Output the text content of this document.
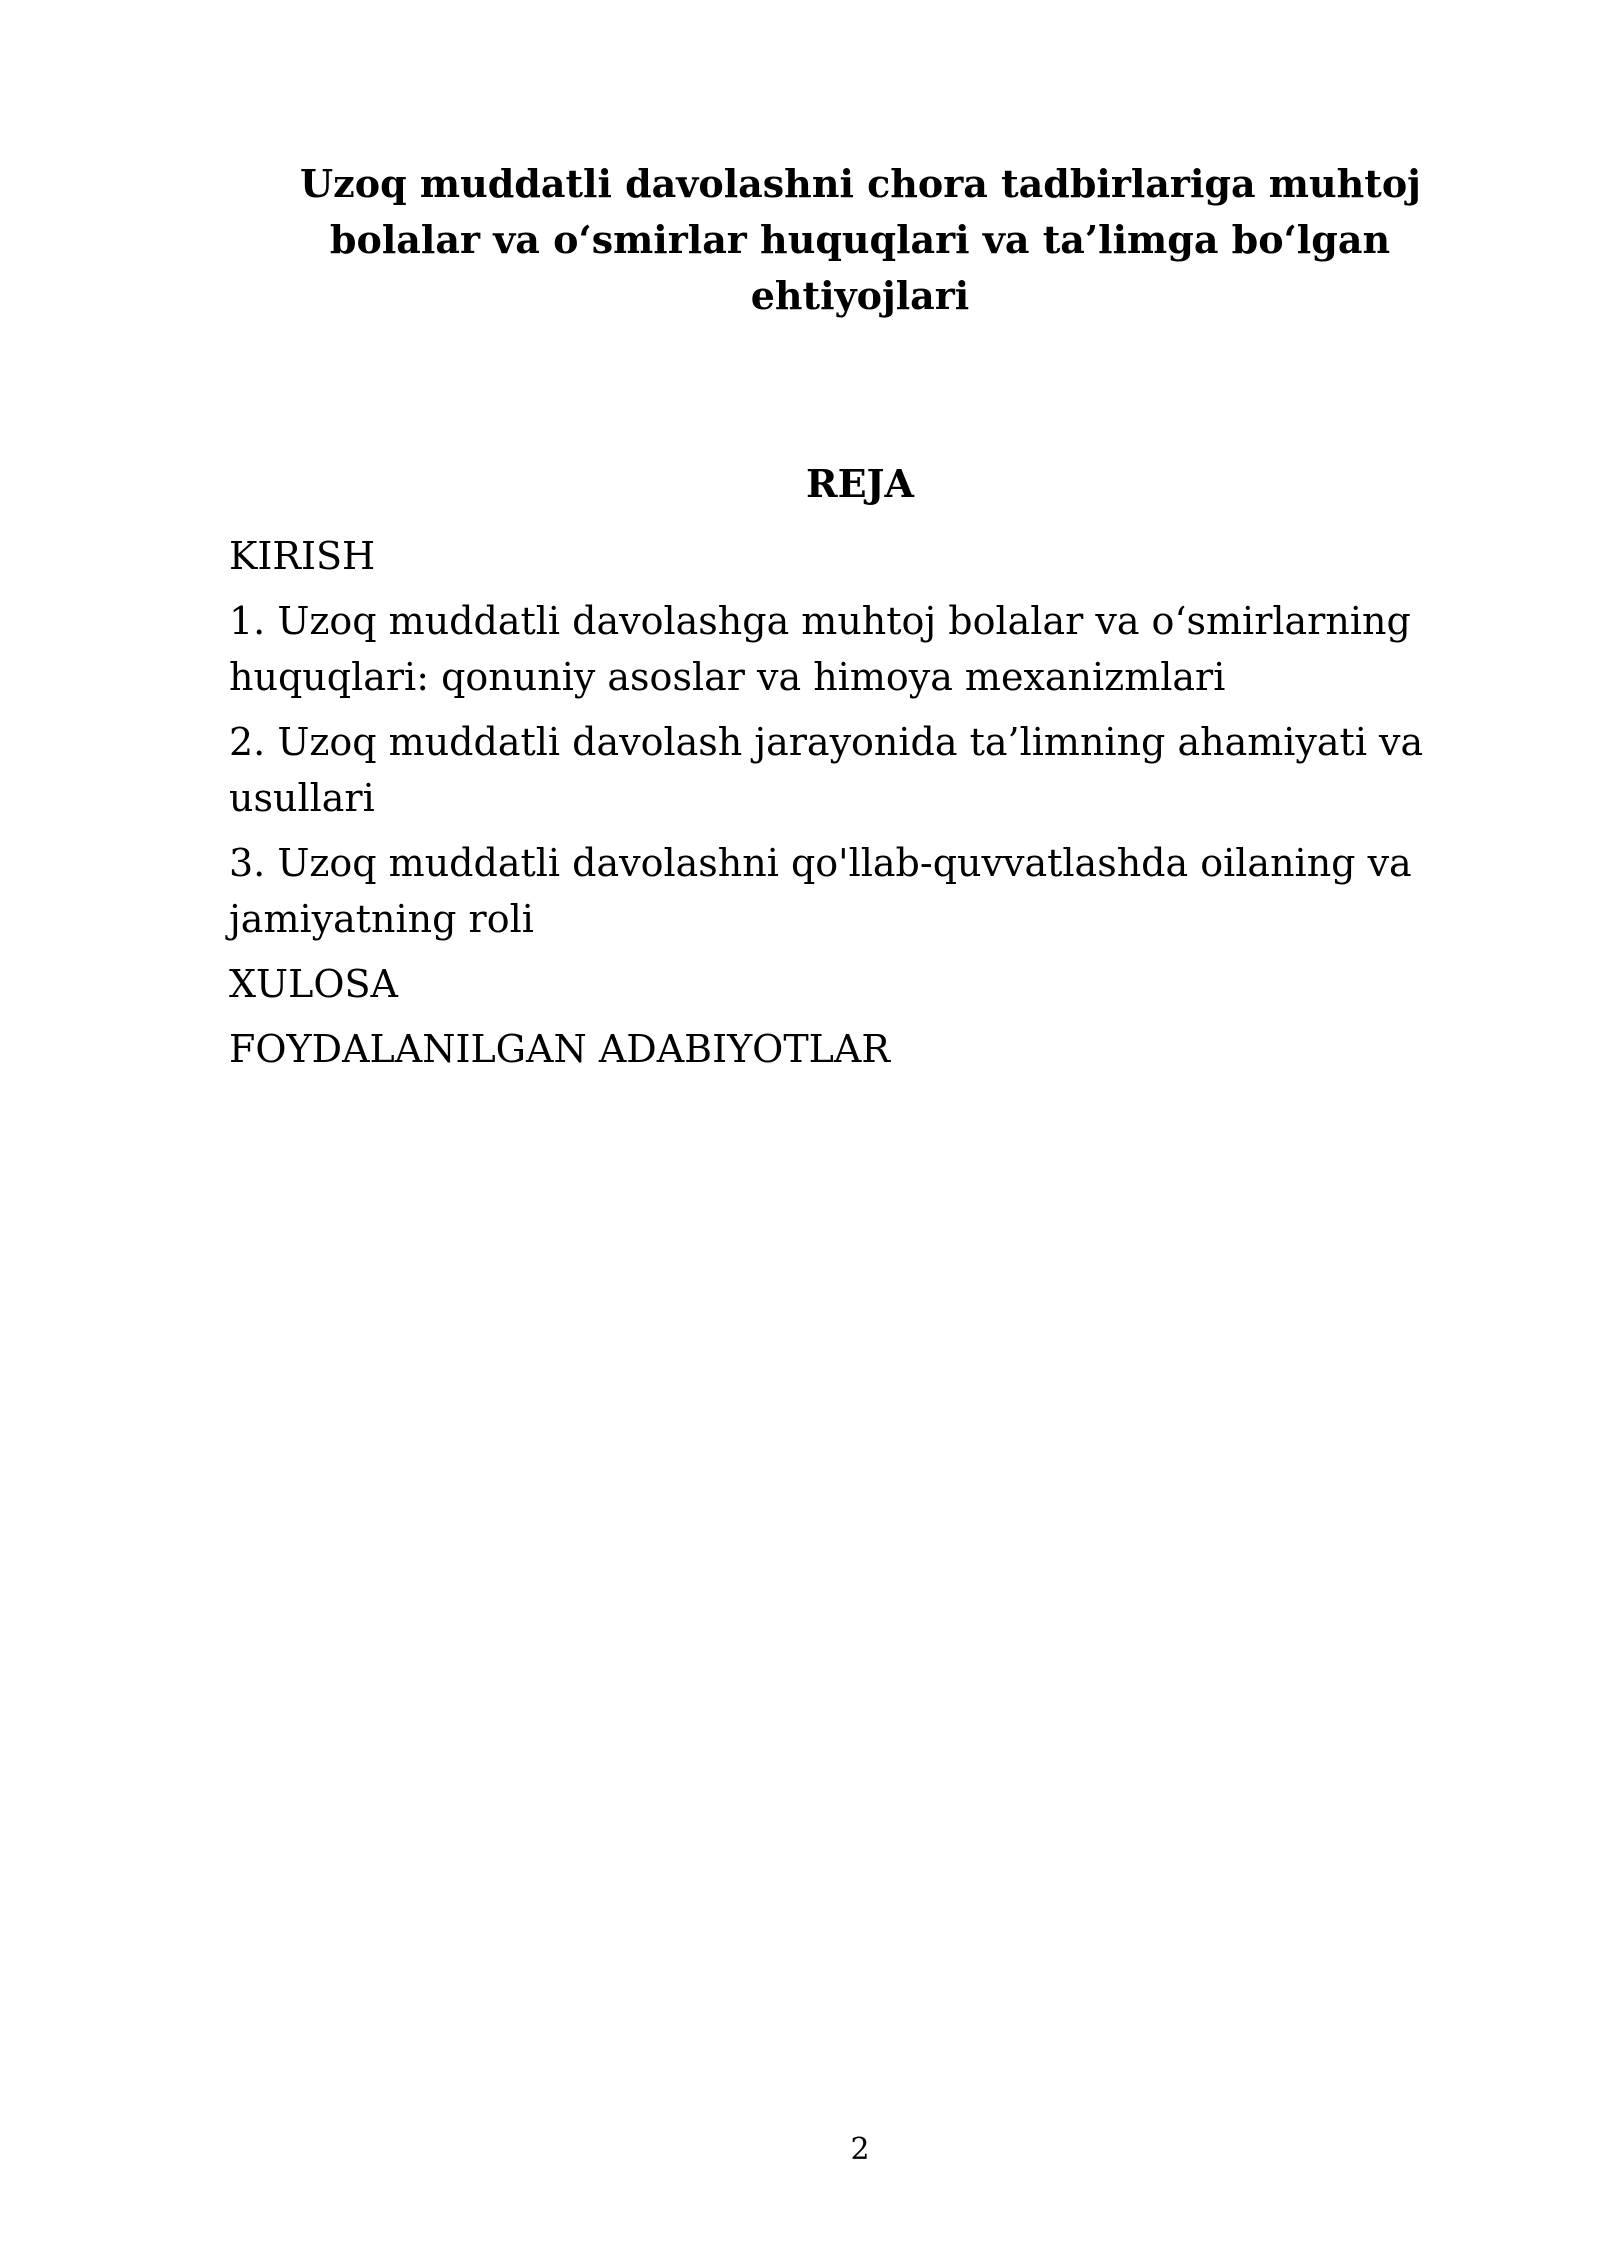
Uzoq muddatli davolashni chora tadbirlariga muhtoj
bolalar va o‘smirlar huquqlari va ta’limga bo‘lgan
ehtiyojlari
REJA
KIRISH
1. Uzoq muddatli davolashga muhtoj bolalar va o‘smirlarning
huquqlari: qonuniy asoslar va himoya mexanizmlari
2. Uzoq muddatli davolash jarayonida ta’limning ahamiyati va
usullari
3. Uzoq muddatli davolashni qo'llab-quvvatlashda oilaning va
jamiyatning roli
XULOSA
FOYDALANILGAN ADABIYOTLAR
2
